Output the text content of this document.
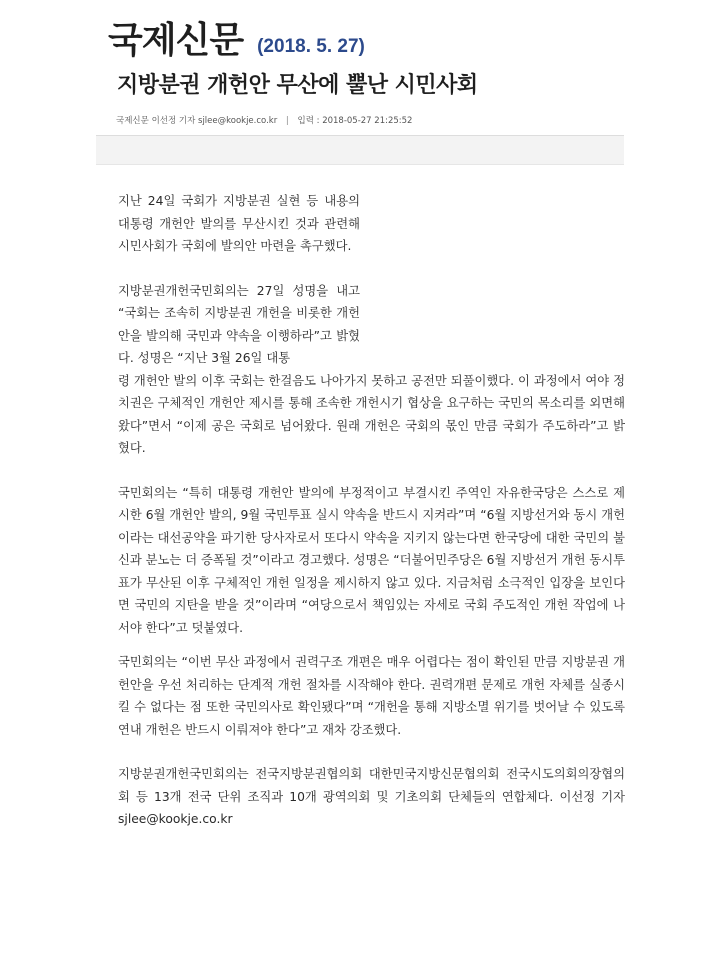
국제신문 (2018. 5. 27)
지방분권 개헌안 무산에 뿔난 시민사회
국제신문 이선정 기자 sjlee@kookje.co.kr | 입력 : 2018-05-27 21:25:52

지난 24일 국회가 지방분권 실현 등 내용의 대통령 개헌안 발의를 무산시킨 것과 관련해 시민사회가 국회에 발의안 마련을 촉구했다.

지방분권개헌국민회의는 27일 성명을 내고 “국회는 조속히 지방분권 개헌을 비롯한 개헌안을 발의해 국민과 약속을 이행하라”고 밝혔다. 성명은 “지난 3월 26일 대통
령 개헌안 발의 이후 국회는 한걸음도 나아가지 못하고 공전만 되풀이했다. 이 과정에서 여야 정치권은 구체적인 개헌안 제시를 통해 조속한 개헌시기 협상을 요구하는 국민의 목소리를 외면해왔다”면서 “이제 공은 국회로 넘어왔다. 원래 개헌은 국회의 몫인 만큼 국회가 주도하라”고 밝혔다.

국민회의는 “특히 대통령 개헌안 발의에 부정적이고 부결시킨 주역인 자유한국당은 스스로 제시한 6월 개헌안 발의, 9월 국민투표 실시 약속을 반드시 지켜라”며 “6월 지방선거와 동시 개헌이라는 대선공약을 파기한 당사자로서 또다시 약속을 지키지 않는다면 한국당에 대한 국민의 불신과 분노는 더 증폭될 것”이라고 경고했다. 성명은 “더불어민주당은 6월 지방선거 개헌 동시투표가 무산된 이후 구체적인 개헌 일정을 제시하지 않고 있다. 지금처럼 소극적인 입장을 보인다면 국민의 지탄을 받을 것”이라며 “여당으로서 책임있는 자세로 국회 주도적인 개헌 작업에 나서야 한다”고 덧붙였다.

국민회의는 “이번 무산 과정에서 권력구조 개편은 매우 어렵다는 점이 확인된 만큼 지방분권 개헌안을 우선 처리하는 단계적 개헌 절차를 시작해야 한다. 권력개편 문제로 개헌 자체를 실종시킬 수 없다는 점 또한 국민의사로 확인됐다”며 “개헌을 통해 지방소멸 위기를 벗어날 수 있도록 연내 개헌은 반드시 이뤄져야 한다”고 재차 강조했다.

지방분권개헌국민회의는 전국지방분권협의회 대한민국지방신문협의회 전국시도의회의장협의회 등 13개 전국 단위 조직과 10개 광역의회 및 기초의회 단체들의 연합체다. 이선정 기자 sjlee@kookje.co.kr
